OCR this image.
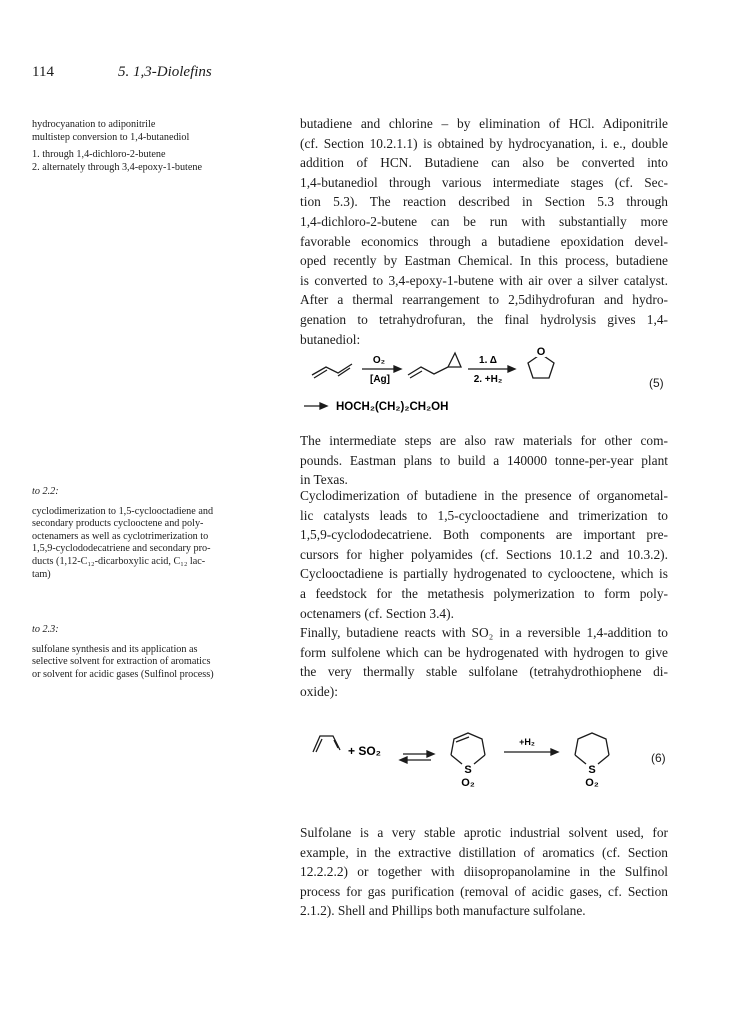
114	5. 1,3-Diolefins
hydrocyanation to adiponitrile
multistep conversion to 1,4-butanediol
1. through 1,4-dichloro-2-butene
2. alternately through 3,4-epoxy-1-butene
to 2.2:
cyclodimerization to 1,5-cyclooctadiene and
secondary products cyclooctene and poly-
octenamers as well as cyclotrimerization to
1,5,9-cyclododecatriene and secondary pro-
ducts (1,12-C₁₂-dicarboxylic acid, C₁₂ lac-
tam)
to 2.3:
sulfolane synthesis and its application as
selective solvent for extraction of aromatics
or solvent for acidic gases (Sulfinol process)
butadiene and chlorine – by elimination of HCl. Adiponitrile
(cf. Section 10.2.1.1) is obtained by hydrocyanation, i. e., double
addition of HCN. Butadiene can also be converted into
1,4-butanediol through various intermediate stages (cf. Sec-
tion 5.3). The reaction described in Section 5.3 through
1,4-dichloro-2-butene can be run with substantially more
favorable economics through a butadiene epoxidation devel-
oped recently by Eastman Chemical. In this process, butadiene
is converted to 3,4-epoxy-1-butene with air over a silver catalyst.
After a thermal rearrangement to 2,5dihydrofuran and hydro-
genation to tetrahydrofuran, the final hydrolysis gives 1,4-
butanediol:
O
O₂
[Ag]
1. Δ
2. +H₂
HOCH₂(CH₂)₂CH₂OH
(5)
The intermediate steps are also raw materials for other com-
pounds. Eastman plans to build a 140000 tonne-per-year plant
in Texas.
Cyclodimerization of butadiene in the presence of organometal-
lic catalysts leads to 1,5-cyclooctadiene and trimerization to
1,5,9-cyclododecatriene. Both components are important pre-
cursors for higher polyamides (cf. Sections 10.1.2 and 10.3.2).
Cyclooctadiene is partially hydrogenated to cyclooctene, which is
a feedstock for the metathesis polymerization to form poly-
octenamers (cf. Section 3.4).
Finally, butadiene reacts with SO₂ in a reversible 1,4-addition to
form sulfolene which can be hydrogenated with hydrogen to give
the very thermally stable sulfolane (tetrahydrothiophene di-
oxide):
+ SO₂
S
O₂
+H₂
S
O₂
(6)
Sulfolane is a very stable aprotic industrial solvent used, for
example, in the extractive distillation of aromatics (cf. Section
12.2.2.2) or together with diisopropanolamine in the Sulfinol
process for gas purification (removal of acidic gases, cf. Section
2.1.2). Shell and Phillips both manufacture sulfolane.
